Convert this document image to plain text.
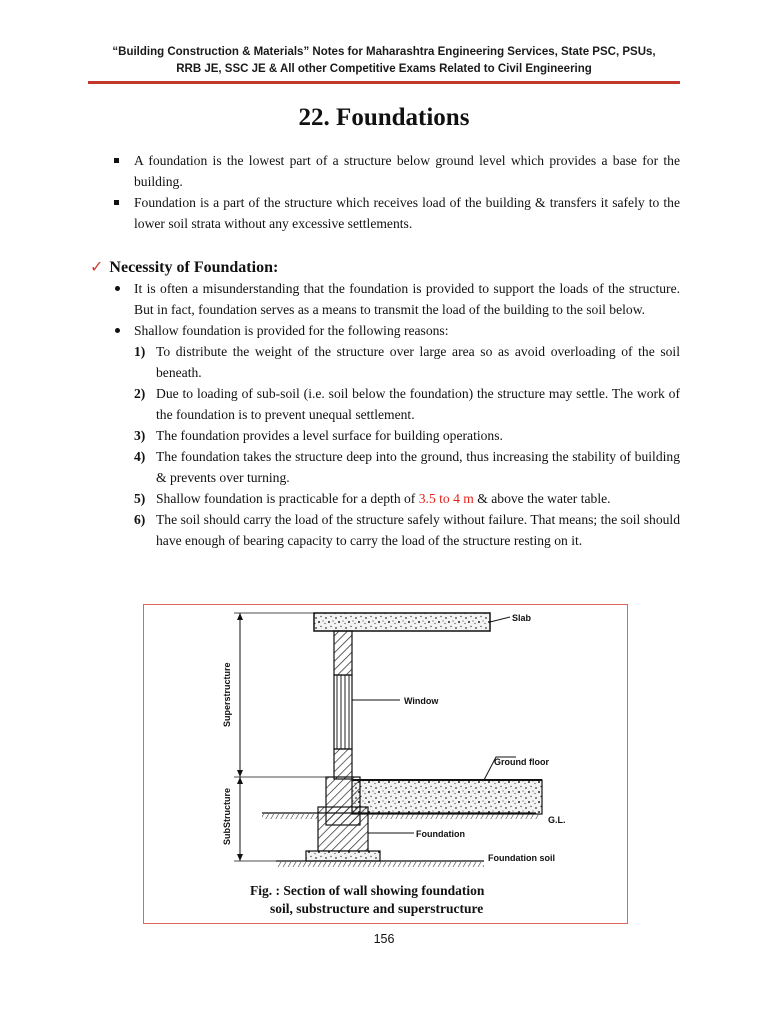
“Building Construction & Materials” Notes for Maharashtra Engineering Services, State PSC, PSUs,
RRB JE, SSC JE & All other Competitive Exams Related to Civil Engineering
22. Foundations
A foundation is the lowest part of a structure below ground level which provides a base for the building.
Foundation is a part of the structure which receives load of the building & transfers it safely to the lower soil strata without any excessive settlements.
✓ Necessity of Foundation:
It is often a misunderstanding that the foundation is provided to support the loads of the structure. But in fact, foundation serves as a means to transmit the load of the building to the soil below.
Shallow foundation is provided for the following reasons:
1) To distribute the weight of the structure over large area so as avoid overloading of the soil beneath.
2) Due to loading of sub-soil (i.e. soil below the foundation) the structure may settle. The work of the foundation is to prevent unequal settlement.
3) The foundation provides a level surface for building operations.
4) The foundation takes the structure deep into the ground, thus increasing the stability of building & prevents over turning.
5) Shallow foundation is practicable for a depth of 3.5 to 4 m & above the water table.
6) The soil should carry the load of the structure safely without failure. That means; the soil should have enough of bearing capacity to carry the load of the structure resting on it.
Slab
Window
Ground floor
G.L.
Foundation
Foundation soil
Superstructure
SubStructure
Fig. : Section of wall showing foundation
soil, substructure and superstructure
156
